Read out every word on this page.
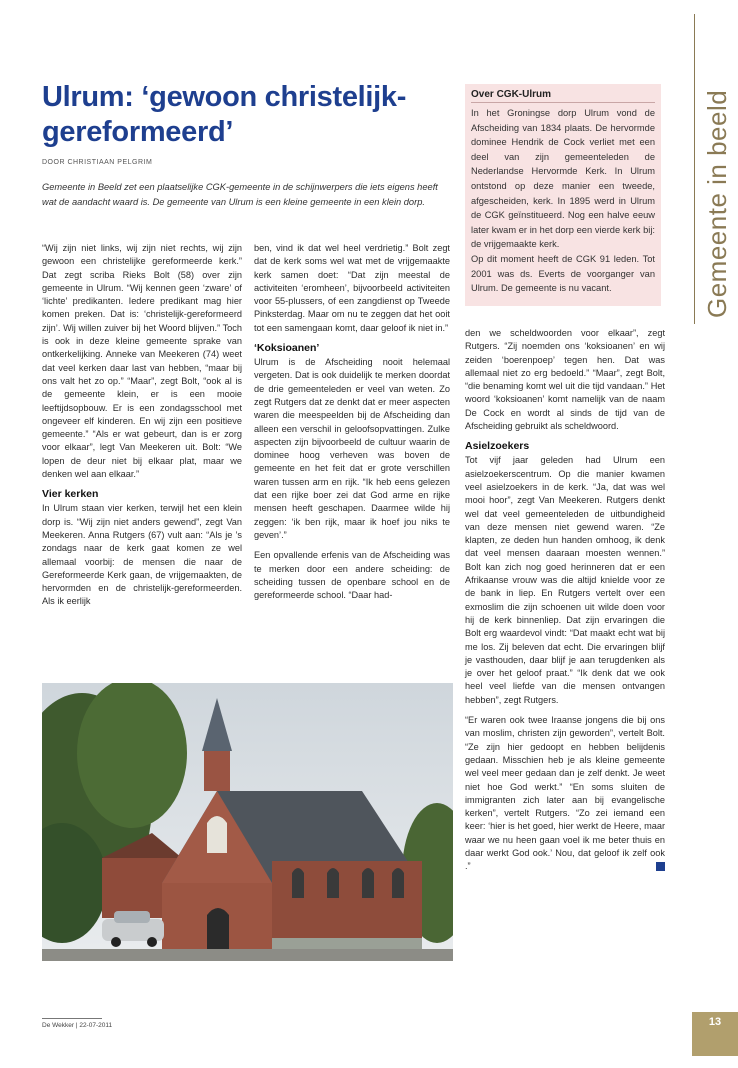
Gemeente in beeld
Ulrum: ‘gewoon christelijk-gereformeerd’
DOOR CHRISTIAAN PELGRIM

Gemeente in Beeld zet een plaatselijke CGK-gemeente in de schijnwerpers die iets eigens heeft wat de aandacht waard is. De gemeente van Ulrum is een kleine gemeente in een klein dorp.

Over CGK-Ulrum

In het Groningse dorp Ulrum vond de Afscheiding van 1834 plaats. De hervormde dominee Hendrik de Cock verliet met een deel van zijn gemeenteleden de Nederlandse Hervormde Kerk. In Ulrum ontstond op deze manier een tweede, afgescheiden, kerk. In 1895 werd in Ulrum de CGK geïnstitueerd. Nog een halve eeuw later kwam er in het dorp een vierde kerk bij: de vrijgemaakte kerk.

Op dit moment heeft de CGK 91 leden. Tot 2001 was ds. Everts de voorganger van Ulrum. De gemeente is nu vacant.

“Wij zijn niet links, wij zijn niet rechts, wij zijn gewoon een christelijke gereformeerde kerk.” Dat zegt scriba Rieks Bolt (58) over zijn gemeente in Ulrum. “Wij kennen geen ‘zware’ of ‘lichte’ predikanten. Iedere predikant mag hier komen preken. Dat is: ‘christelijk-gereformeerd zijn’. Wij willen zuiver bij het Woord blijven.” Toch is ook in deze kleine gemeente sprake van ontkerkelijking. Anneke van Meekeren (74) weet dat veel kerken daar last van hebben, “maar bij ons valt het zo op.” “Maar”, zegt Bolt, “ook al is de gemeente klein, er is een mooie leeftijdsopbouw. Er is een zondagsschool met ongeveer elf kinderen. En wij zijn een positieve gemeente.” “Als er wat gebeurt, dan is er zorg voor elkaar”, legt Van Meekeren uit. Bolt: “We lopen de deur niet bij elkaar plat, maar we denken wel aan elkaar.”

Vier kerken

In Ulrum staan vier kerken, terwijl het een klein dorp is. “Wij zijn niet anders gewend”, zegt Van Meekeren. Anna Rutgers (67) vult aan: “Als je ’s zondags naar de kerk gaat komen ze wel allemaal voorbij: de mensen die naar de Gereformeerde Kerk gaan, de vrijgemaakten, de hervormden en de christelijk-gereformeerden. Als ik eerlijk

ben, vind ik dat wel heel verdrietig.” Bolt zegt dat de kerk soms wel wat met de vrijgemaakte kerk samen doet: “Dat zijn meestal de activiteiten ‘eromheen’, bijvoorbeeld activiteiten voor 55-plussers, of een zangdienst op Tweede Pinksterdag. Maar om nu te zeggen dat het ooit tot een samengaan komt, daar geloof ik niet in.”

‘Koksioanen’

Ulrum is de Afscheiding nooit helemaal vergeten. Dat is ook duidelijk te merken doordat de drie gemeenteleden er veel van weten. Zo zegt Rutgers dat ze denkt dat er meer aspecten waren die meespeelden bij de Afscheiding dan alleen een verschil in geloofsopvattingen. Zulke aspecten zijn bijvoorbeeld de cultuur waarin de dominee hoog verheven was boven de gemeente en het feit dat er grote verschillen waren tussen arm en rijk. “Ik heb eens gelezen dat een rijke boer zei dat God arme en rijke mensen heeft geschapen. Daarmee wilde hij zeggen: ‘ik ben rijk, maar ik hoef jou niks te geven’.”

Een opvallende erfenis van de Afscheiding was te merken door een andere scheiding: de scheiding tussen de openbare school en de gereformeerde school. “Daar had-

den we scheldwoorden voor elkaar”, zegt Rutgers. “Zij noemden ons ‘koksioanen’ en wij zeiden ‘boerenpoep’ tegen hen. Dat was allemaal niet zo erg bedoeld.” “Maar”, zegt Bolt, “die benaming komt wel uit die tijd vandaan.” Het woord ‘koksioanen’ komt namelijk van de naam De Cock en wordt al sinds de tijd van de Afscheiding gebruikt als scheldwoord.

Asielzoekers

Tot vijf jaar geleden had Ulrum een asielzoekerscentrum. Op die manier kwamen veel asielzoekers in de kerk. “Ja, dat was wel mooi hoor”, zegt Van Meekeren. Rutgers denkt wel dat veel gemeenteleden de uitbundigheid van deze mensen niet gewend waren. “Ze klapten, ze deden hun handen omhoog, ik denk dat veel mensen daaraan moesten wennen.” Bolt kan zich nog goed herinneren dat er een Afrikaanse vrouw was die altijd knielde voor ze de bank in liep. En Rutgers vertelt over een exmoslim die zijn schoenen uit wilde doen voor hij de kerk binnenliep. Dat zijn ervaringen die Bolt erg waardevol vindt: “Dat maakt echt wat bij me los. Zij beleven dat echt. Die ervaringen blijf je vasthouden, daar blijf je aan terugdenken als je over het geloof praat.” “Ik denk dat we ook heel veel liefde van die mensen ontvangen hebben”, zegt Rutgers.

“Er waren ook twee Iraanse jongens die bij ons van moslim, christen zijn geworden”, vertelt Bolt. “Ze zijn hier gedoopt en hebben belijdenis gedaan. Misschien heb je als kleine gemeente wel veel meer gedaan dan je zelf denkt. Je weet niet hoe God werkt.” “En soms sluiten de immigranten zich later aan bij evangelische kerken”, vertelt Rutgers. “Zo zei iemand een keer: ‘hier is het goed, hier werkt de Heere, maar waar we nu heen gaan voel ik me beter thuis en daar werkt God ook.’ Nou, dat geloof ik zelf ook .”

De Wekker | 22-07-2011	13
